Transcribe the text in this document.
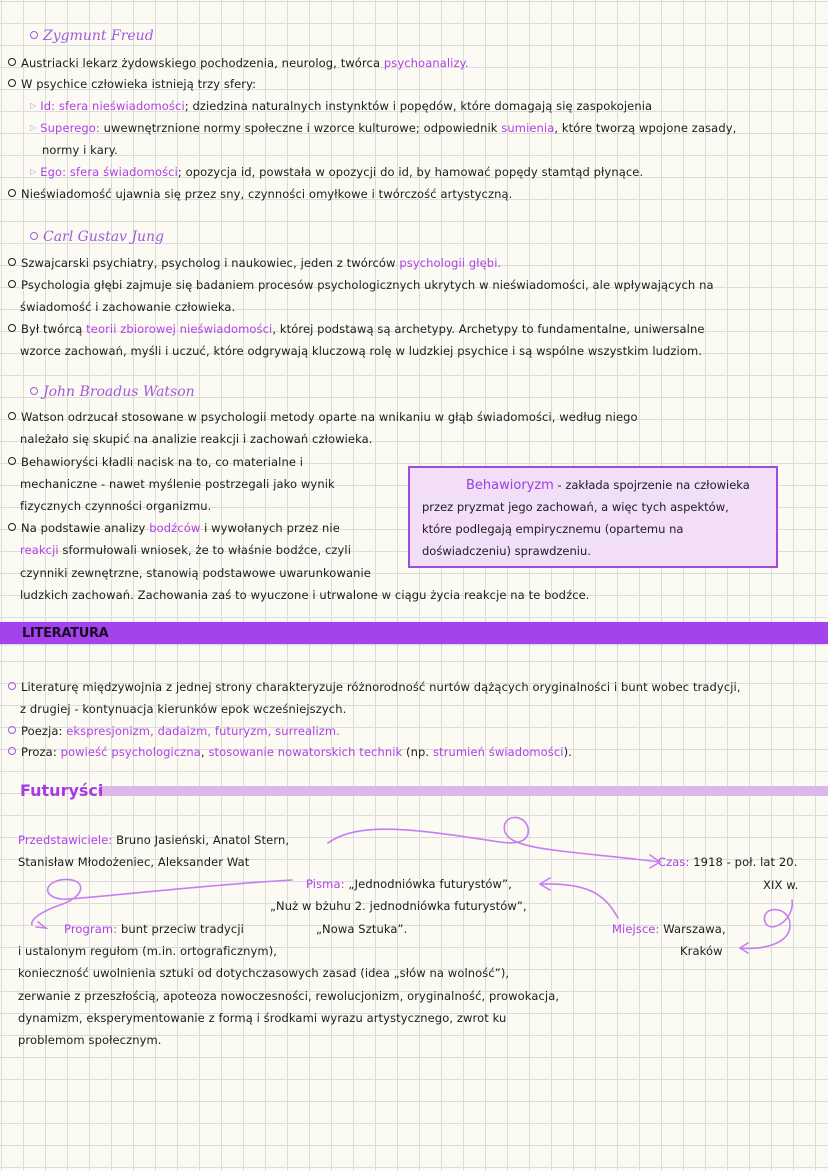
Zygmunt Freud
Austriacki lekarz żydowskiego pochodzenia, neurolog, twórca psychoanalizy.
W psychice człowieka istnieją trzy sfery:
▷ Id: sfera nieświadomości; dziedzina naturalnych instynktów i popędów, które domagają się zaspokojenia
▷ Superego: uwewnętrznione normy społeczne i wzorce kulturowe; odpowiednik sumienia, które tworzą wpojone zasady,
normy i kary.
▷ Ego: sfera świadomości; opozycja id, powstała w opozycji do id, by hamować popędy stamtąd płynące.
Nieświadomość ujawnia się przez sny, czynności omyłkowe i twórczość artystyczną.
Carl Gustav Jung
Szwajcarski psychiatry, psycholog i naukowiec, jeden z twórców psychologii głębi.
Psychologia głębi zajmuje się badaniem procesów psychologicznych ukrytych w nieświadomości, ale wpływających na
świadomość i zachowanie człowieka.
Był twórcą teorii zbiorowej nieświadomości, której podstawą są archetypy. Archetypy to fundamentalne, uniwersalne
wzorce zachowań, myśli i uczuć, które odgrywają kluczową rolę w ludzkiej psychice i są wspólne wszystkim ludziom.
John Broadus Watson
Watson odrzucał stosowane w psychologii metody oparte na wnikaniu w głąb świadomości, według niego
należało się skupić na analizie reakcji i zachowań człowieka.
Behawioryści kładli nacisk na to, co materialne i
mechaniczne - nawet myślenie postrzegali jako wynik
fizycznych czynności organizmu.
Na podstawie analizy bodźców i wywołanych przez nie
reakcji sformułowali wniosek, że to właśnie bodźce, czyli
czynniki zewnętrzne, stanowią podstawowe uwarunkowanie
ludzkich zachowań. Zachowania zaś to wyuczone i utrwalone w ciągu życia reakcje na te bodźce.
Behawioryzm - zakłada spojrzenie na człowieka
przez pryzmat jego zachowań, a więc tych aspektów,
które podlegają empirycznemu (opartemu na
doświadczeniu) sprawdzeniu.
LITERATURA
Literaturę międzywojnia z jednej strony charakteryzuje różnorodność nurtów dążących oryginalności i bunt wobec tradycji,
z drugiej - kontynuacja kierunków epok wcześniejszych.
Poezja: ekspresjonizm, dadaizm, futuryzm, surrealizm.
Proza: powieść psychologiczna, stosowanie nowatorskich technik (np. strumień świadomości).
Futuryści
Przedstawiciele: Bruno Jasieński, Anatol Stern,
Stanisław Młodożeniec, Aleksander Wat	Czas: 1918 - poł. lat 20.
XIX w.
Pisma: „Jednodniówka futurystów”,
„Nuż w bżuhu 2. jednodniówka futurystów”,
„Nowa Sztuka”.	Miejsce: Warszawa,
Kraków
Program: bunt przeciw tradycji
i ustalonym regułom (m.in. ortograficznym),
konieczność uwolnienia sztuki od dotychczasowych zasad (idea „słów na wolność”),
zerwanie z przeszłością, apoteoza nowoczesności, rewolucjonizm, oryginalność, prowokacja,
dynamizm, eksperymentowanie z formą i środkami wyrazu artystycznego, zwrot ku
problemom społecznym.
